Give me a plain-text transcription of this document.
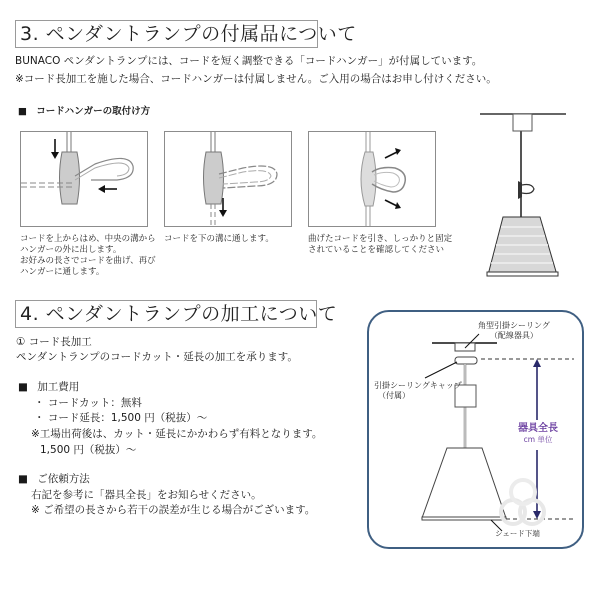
3. ペンダントランプの付属品について
BUNACO ペンダントランプには、コードを短く調整できる「コードハンガー」が付属しています。
※コード長加工を施した場合、コードハンガーは付属しません。ご入用の場合はお申し付けください。
■ コードハンガーの取付け方
コードを上からはめ、中央の溝から
ハンガーの外に出します。
お好みの長さでコードを曲げ、再び
ハンガーに通します。
コードを下の溝に通します。	曲げたコードを引き、しっかりと固定
されていることを確認してください
4. ペンダントランプの加工について
① コード長加工
ペンダントランプのコードカット・延長の加工を承ります。
■ 加工費用
・ コードカット：無料
・ コード延長：1,500 円（税抜）～
※工場出荷後は、カット・延長にかかわらず有料となります。
1,500 円（税抜）～
■ ご依頼方法
右記を参考に「器具全長」をお知らせください。
※ ご希望の長さから若干の誤差が生じる場合がございます。
角型引掛シーリング
（配線器具）
引掛シーリングキャップ
（付属）
器具全長
cm 単位
シェード下端
